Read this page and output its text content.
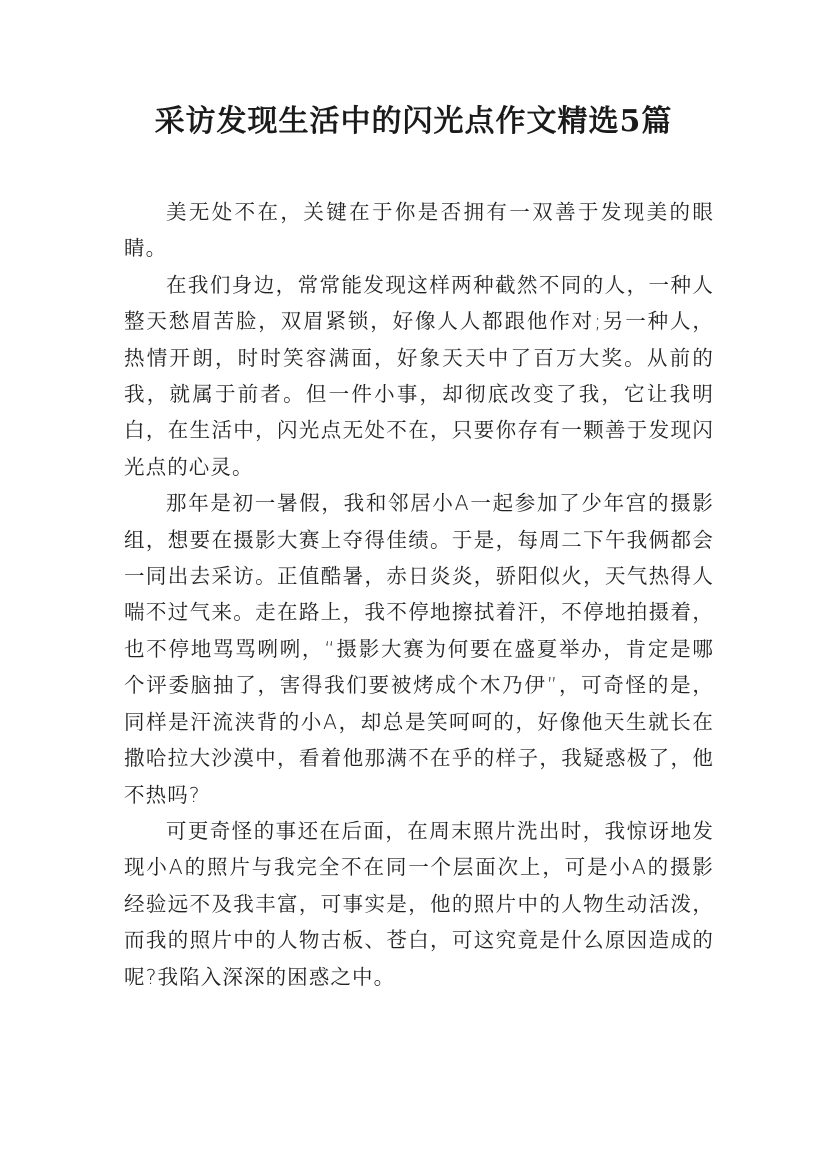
采访发现生活中的闪光点作文精选5篇

美无处不在，关键在于你是否拥有一双善于发现美的眼睛。

在我们身边，常常能发现这样两种截然不同的人，一种人整天愁眉苦脸，双眉紧锁，好像人人都跟他作对;另一种人，热情开朗，时时笑容满面，好象天天中了百万大奖。从前的我，就属于前者。但一件小事，却彻底改变了我，它让我明白，在生活中，闪光点无处不在，只要你存有一颗善于发现闪光点的心灵。

那年是初一暑假，我和邻居小A一起参加了少年宫的摄影组，想要在摄影大赛上夺得佳绩。于是，每周二下午我俩都会一同出去采访。正值酷暑，赤日炎炎，骄阳似火，天气热得人喘不过气来。走在路上，我不停地擦拭着汗，不停地拍摄着，也不停地骂骂咧咧，“摄影大赛为何要在盛夏举办，肯定是哪个评委脑抽了，害得我们要被烤成个木乃伊”，可奇怪的是，同样是汗流浃背的小A，却总是笑呵呵的，好像他天生就长在撒哈拉大沙漠中，看着他那满不在乎的样子，我疑惑极了，他不热吗?

可更奇怪的事还在后面，在周末照片洗出时，我惊讶地发现小A的照片与我完全不在同一个层面次上，可是小A的摄影经验远不及我丰富，可事实是，他的照片中的人物生动活泼，而我的照片中的人物古板、苍白，可这究竟是什么原因造成的呢?我陷入深深的困惑之中。
